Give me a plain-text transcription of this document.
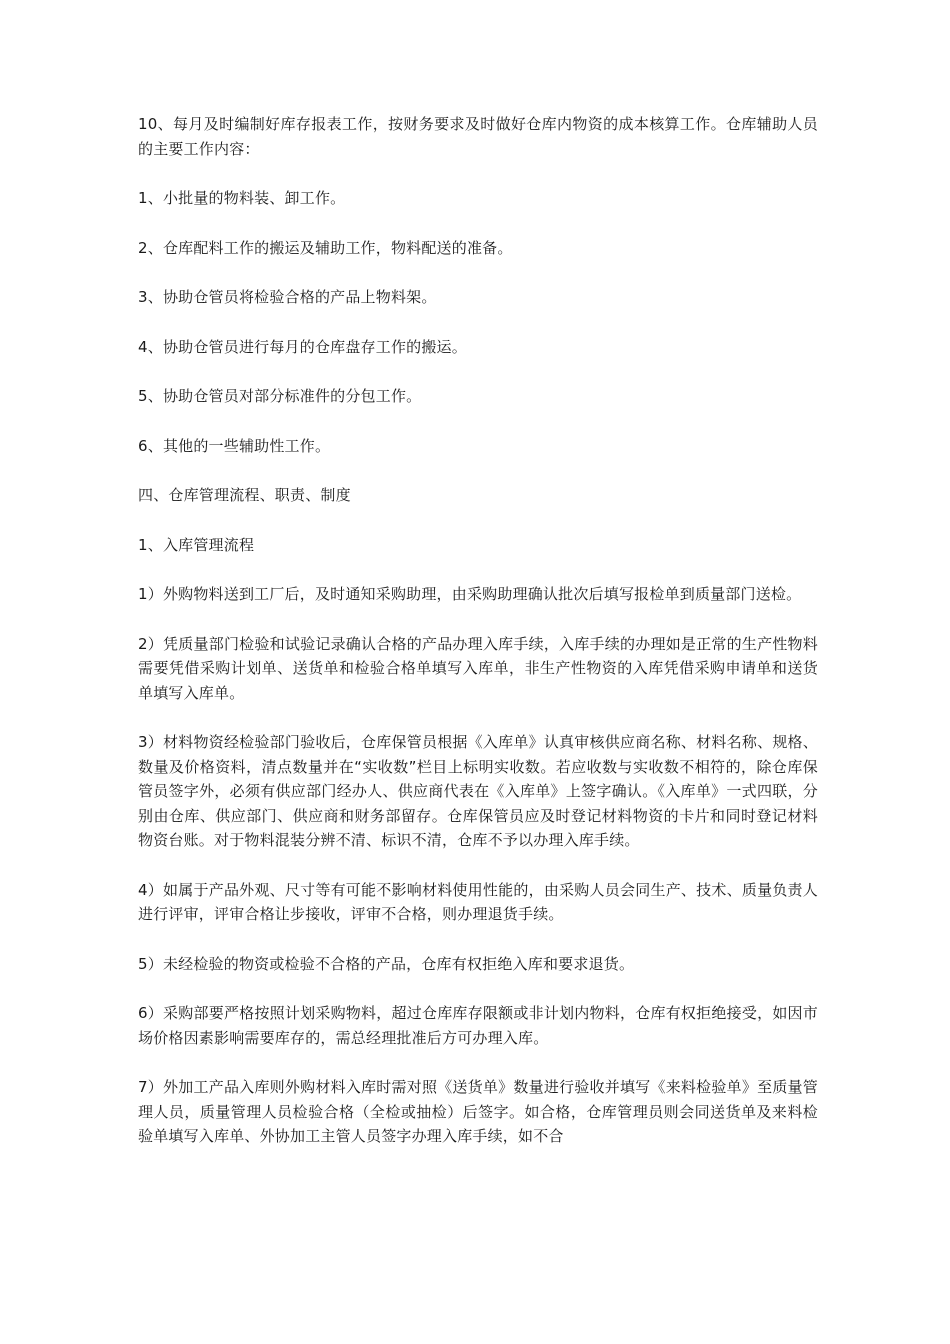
10、每月及时编制好库存报表工作，按财务要求及时做好仓库内物资的成本核算工作。仓库辅助人员的主要工作内容：

1、小批量的物料装、卸工作。

2、仓库配料工作的搬运及辅助工作，物料配送的准备。

3、协助仓管员将检验合格的产品上物料架。

4、协助仓管员进行每月的仓库盘存工作的搬运。

5、协助仓管员对部分标准件的分包工作。

6、其他的一些辅助性工作。

四、仓库管理流程、职责、制度

1、入库管理流程

1）外购物料送到工厂后，及时通知采购助理，由采购助理确认批次后填写报检单到质量部门送检。

2）凭质量部门检验和试验记录确认合格的产品办理入库手续，入库手续的办理如是正常的生产性物料需要凭借采购计划单、送货单和检验合格单填写入库单，非生产性物资的入库凭借采购申请单和送货单填写入库单。

3）材料物资经检验部门验收后，仓库保管员根据《入库单》认真审核供应商名称、材料名称、规格、数量及价格资料，清点数量并在“实收数”栏目上标明实收数。若应收数与实收数不相符的，除仓库保管员签字外，必须有供应部门经办人、供应商代表在《入库单》上签字确认。《入库单》一式四联，分别由仓库、供应部门、供应商和财务部留存。仓库保管员应及时登记材料物资的卡片和同时登记材料物资台账。对于物料混装分辨不清、标识不清，仓库不予以办理入库手续。

4）如属于产品外观、尺寸等有可能不影响材料使用性能的，由采购人员会同生产、技术、质量负责人进行评审，评审合格让步接收，评审不合格，则办理退货手续。

5）未经检验的物资或检验不合格的产品，仓库有权拒绝入库和要求退货。

6）采购部要严格按照计划采购物料，超过仓库库存限额或非计划内物料，仓库有权拒绝接受，如因市场价格因素影响需要库存的，需总经理批准后方可办理入库。

7）外加工产品入库则外购材料入库时需对照《送货单》数量进行验收并填写《来料检验单》至质量管理人员，质量管理人员检验合格（全检或抽检）后签字。如合格，仓库管理员则会同送货单及来料检验单填写入库单、外协加工主管人员签字办理入库手续，如不合
